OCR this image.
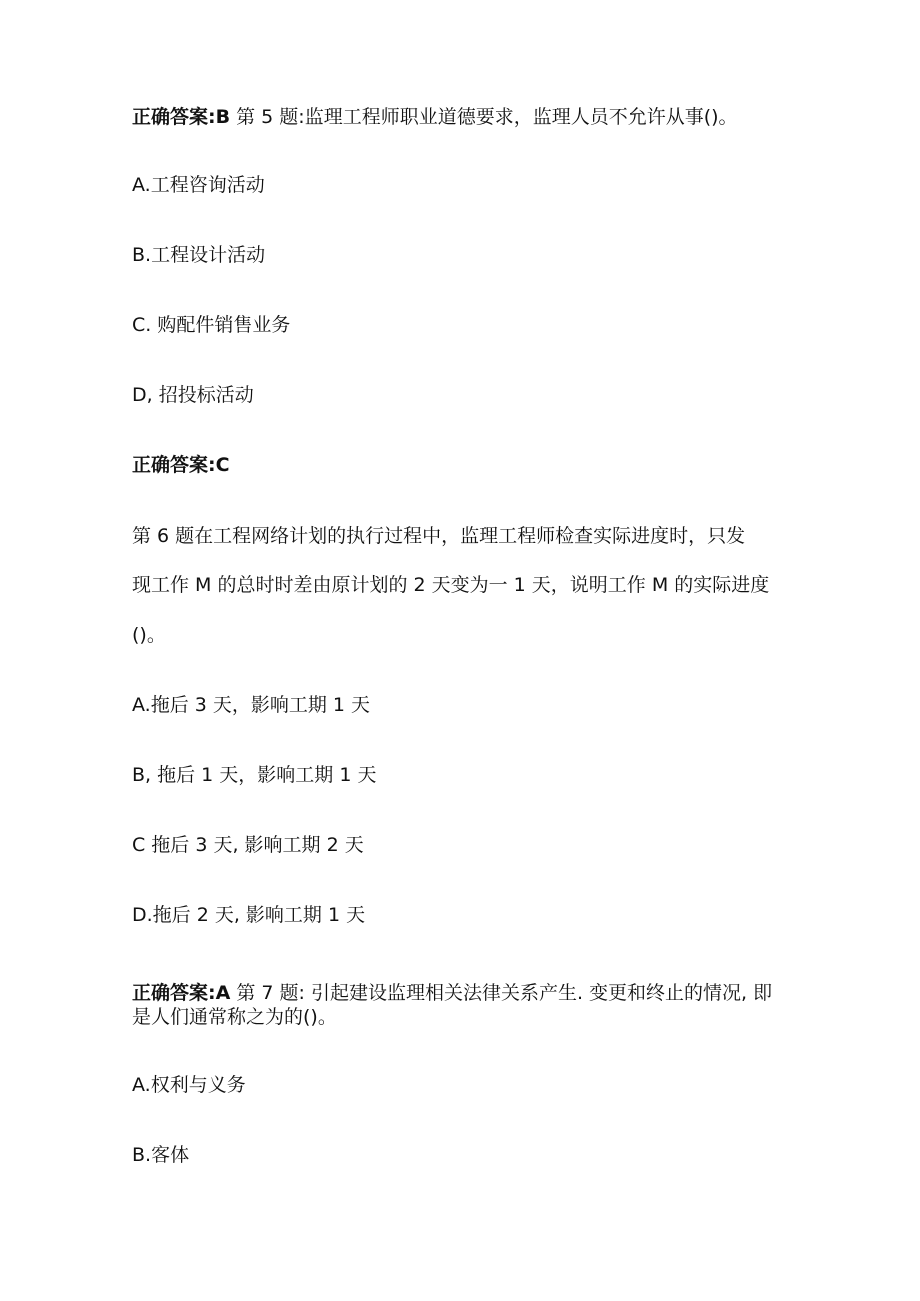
正确答案:B 第 5 题:监理工程师职业道德要求，监理人员不允许从事()。
A.工程咨询活动
B.工程设计活动
C. 购配件销售业务
D, 招投标活动
正确答案:C
第 6 题在工程网络计划的执行过程中，监理工程师检查实际进度时，只发
现工作 M 的总时时差由原计划的 2 天变为一 1 天，说明工作 M 的实际进度
()。
A.拖后 3 天，影响工期 1 天
B, 拖后 1 天，影响工期 1 天
C 拖后 3 天, 影响工期 2 天
D.拖后 2 天, 影响工期 1 天
正确答案:A 第 7 题: 引起建设监理相关法律关系产生. 变更和终止的情况, 即
是人们通常称之为的()。
A.权利与义务
B.客体
